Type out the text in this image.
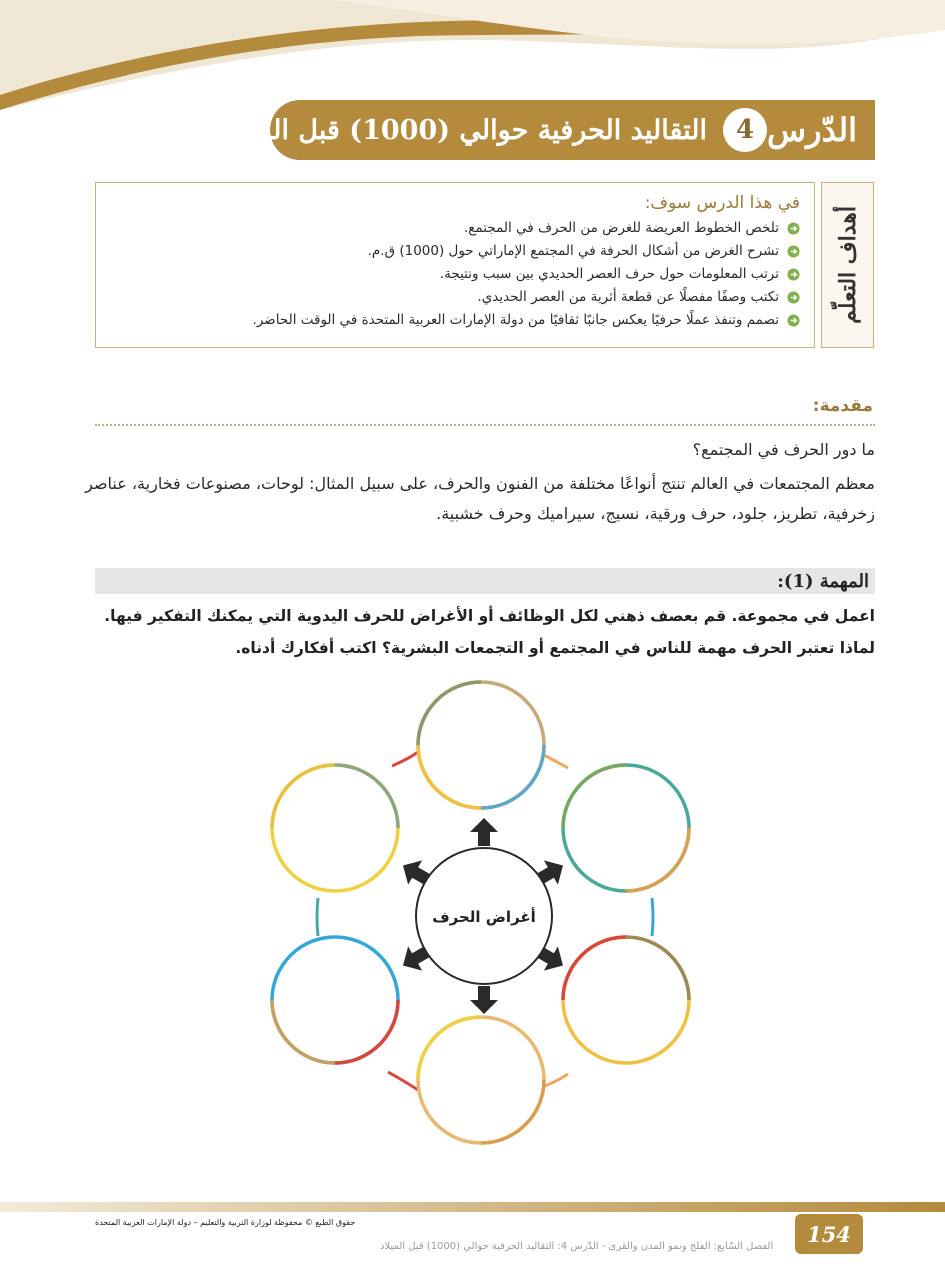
الدّرس
4
التقاليد الحرفية حوالي (1000) قبل الميلاد
أهداف التعلّم
في هذا الدرس سوف:
تلخص الخطوط العريضة للغرض من الحرف في المجتمع.
تشرح الغرض من أشكال الحرفة في المجتمع الإماراتي حول (1000) ق.م.
ترتب المعلومات حول حرف العصر الحديدي بين سبب ونتيجة.
تكتب وصفًا مفصلًا عن قطعة أثرية من العصر الحديدي.
تصمم وتنفذ عملًا حرفيًا يعكس جانبًا ثقافيًا من دولة الإمارات العربية المتحدة في الوقت الحاضر.
مقدمة:
ما دور الحرف في المجتمع؟
معظم المجتمعات في العالم تنتج أنواعًا مختلفة من الفنون والحرف، على سبيل المثال: لوحات، مصنوعات فخارية، عناصر زخرفية، تطريز، جلود، حرف ورقية، نسيج، سيراميك وحرف خشبية.
المهمة (1):
اعمل في مجموعة. قم بعصف ذهني لكل الوظائف أو الأغراض للحرف اليدوية التي يمكنك التفكير فيها. لماذا تعتبر الحرف مهمة للناس في المجتمع أو التجمعات البشرية؟ اكتب أفكارك أدناه.
أغراض الحرف
حقوق الطبع © محفوظة لوزارة التربية والتعليم – دولة الإمارات العربية المتحدة	154
الفصل السّابع: الفلج ونمو المدن والقرى - الدّرس 4: التقاليد الحرفية حوالي (1000) قبل الميلاد
